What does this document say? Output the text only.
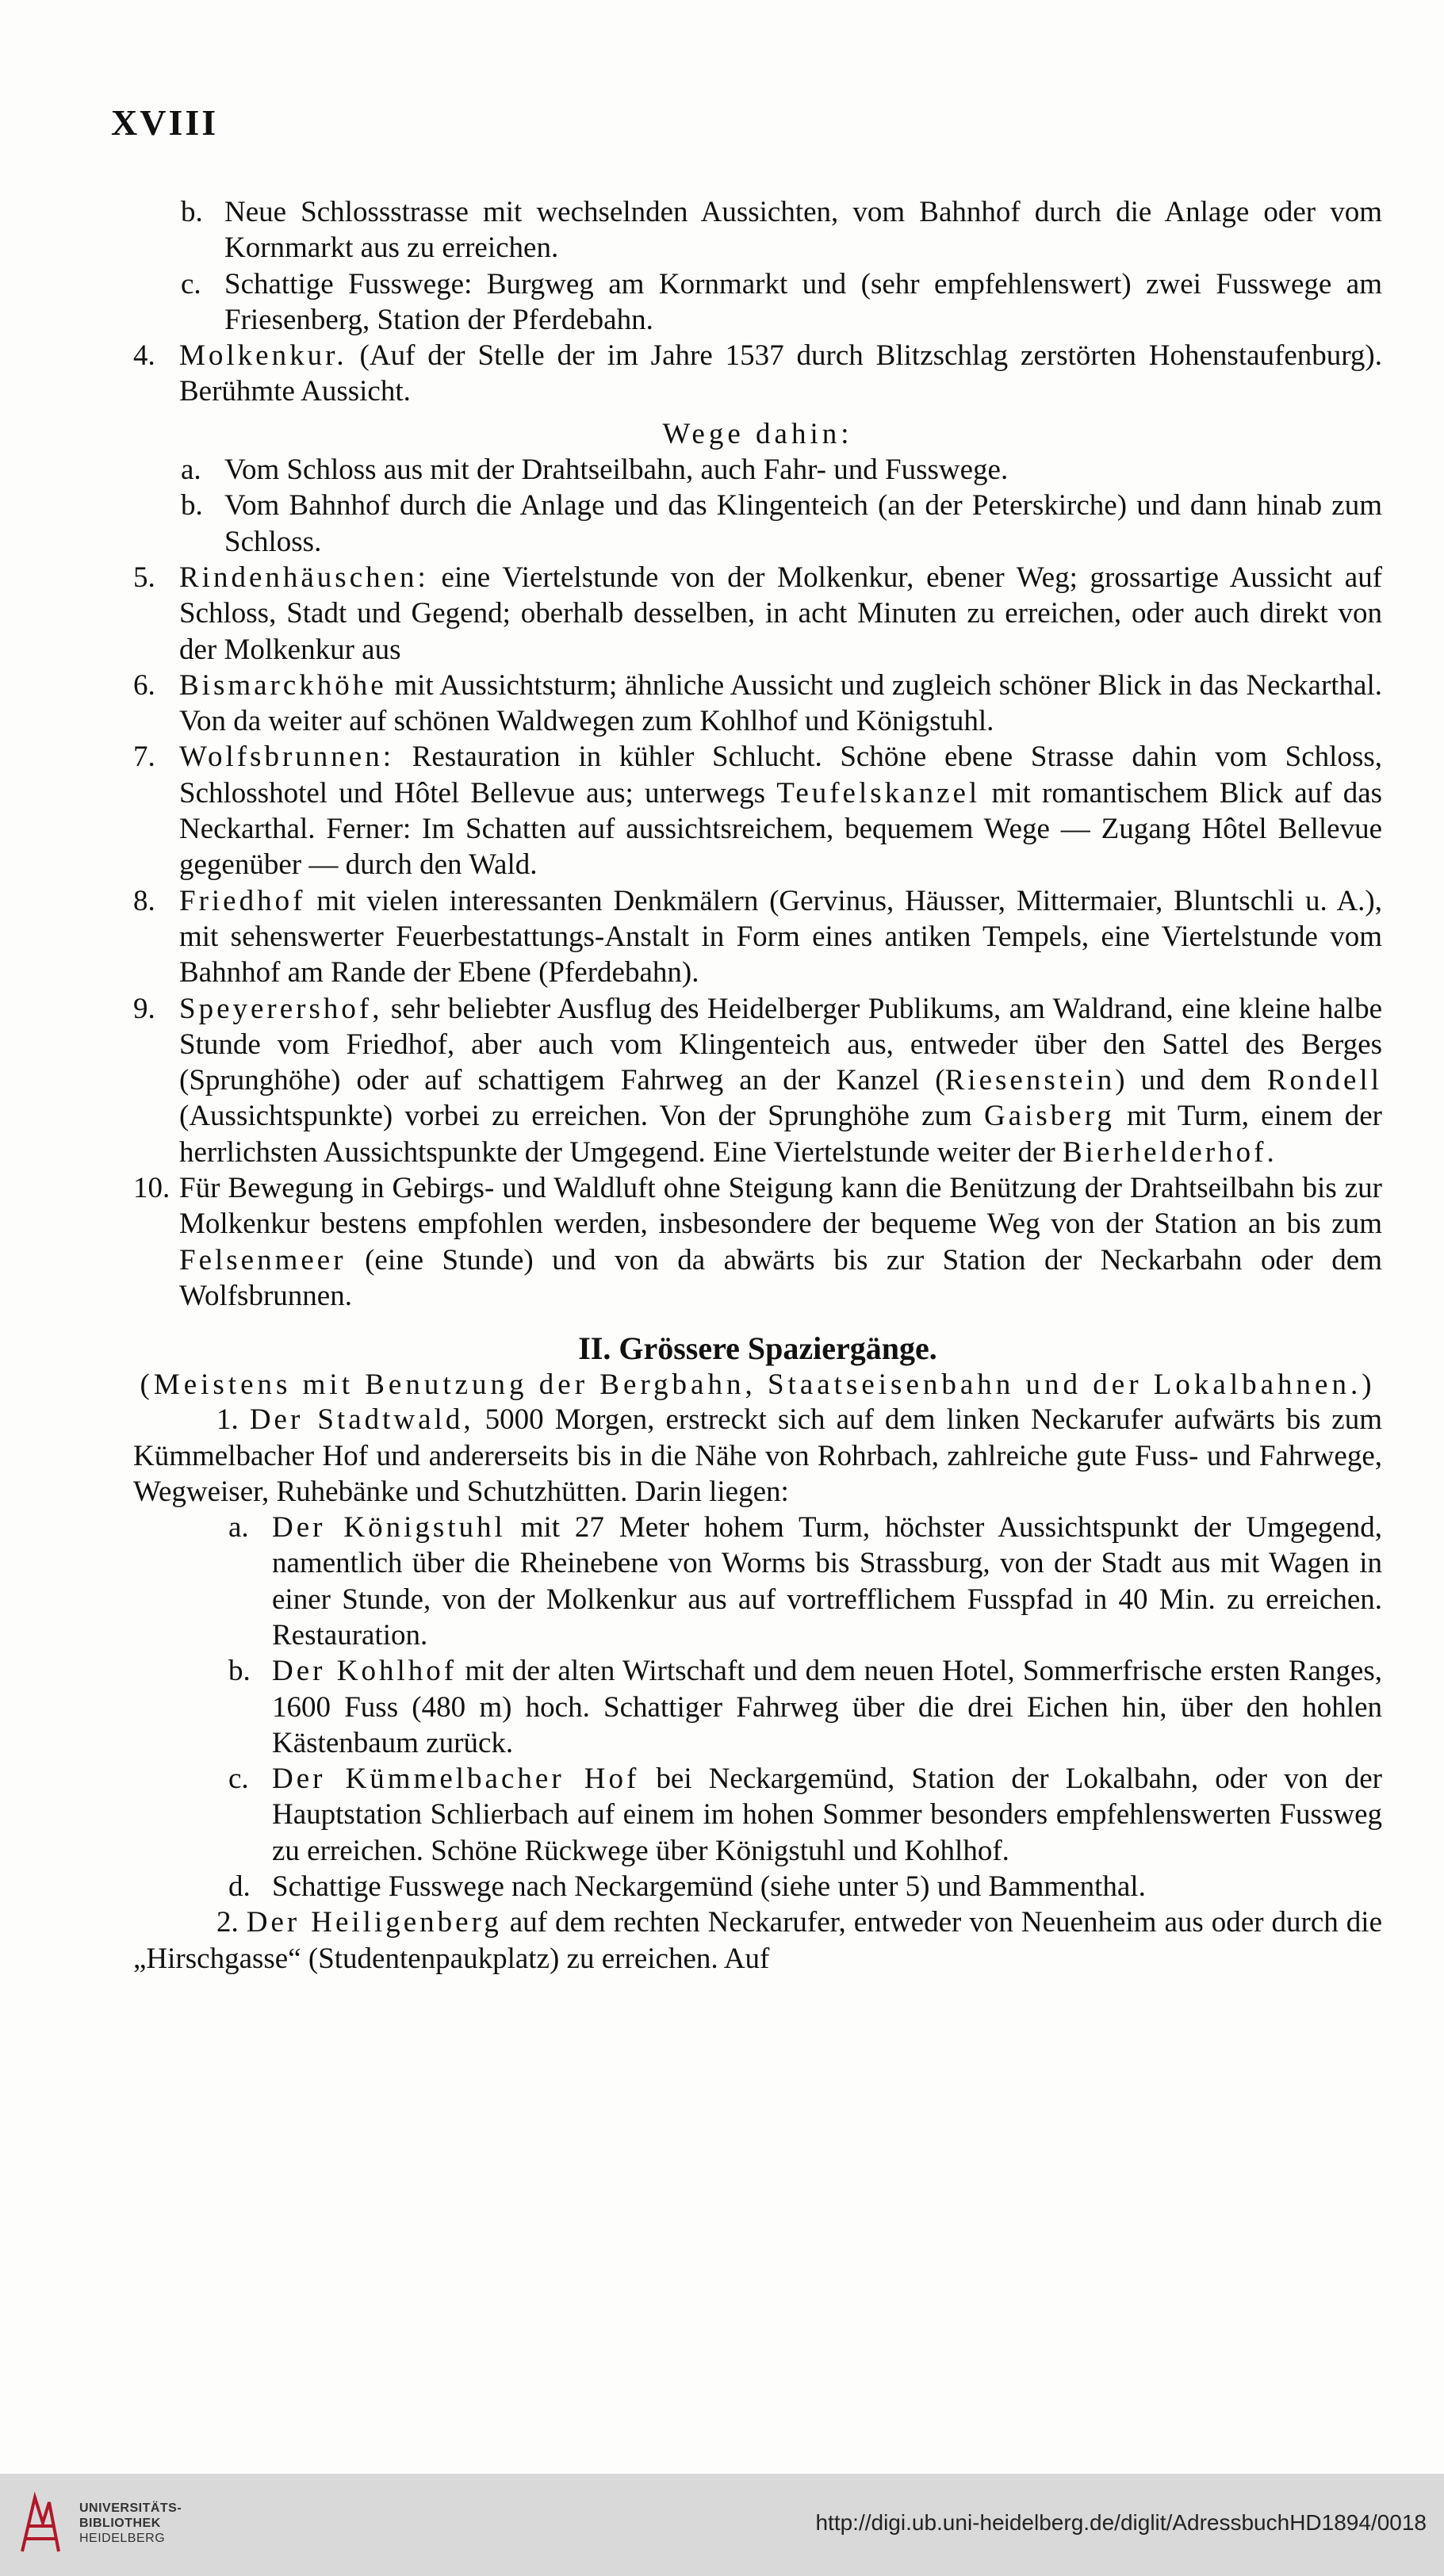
XVIII
b. Neue Schlossstrasse mit wechselnden Aussichten, vom Bahnhof durch die Anlage oder vom Kornmarkt aus zu erreichen.
c. Schattige Fusswege: Burgweg am Kornmarkt und (sehr empfehlenswert) zwei Fusswege am Friesenberg, Station der Pferdebahn.
4. Molkenkur. (Auf der Stelle der im Jahre 1537 durch Blitzschlag zerstörten Hohenstaufenburg). Berühmte Aussicht.
Wege dahin:
a. Vom Schloss aus mit der Drahtseilbahn, auch Fahr- und Fusswege.
b. Vom Bahnhof durch die Anlage und das Klingenteich (an der Peterskirche) und dann hinab zum Schloss.
5. Rindenhäuschen: eine Viertelstunde von der Molkenkur, ebener Weg; grossartige Aussicht auf Schloss, Stadt und Gegend; oberhalb desselben, in acht Minuten zu erreichen, oder auch direkt von der Molkenkur aus
6. Bismarckhöhe mit Aussichtsturm; ähnliche Aussicht und zugleich schöner Blick in das Neckarthal. Von da weiter auf schönen Waldwegen zum Kohlhof und Königstuhl.
7. Wolfsbrunnen: Restauration in kühler Schlucht. Schöne ebene Strasse dahin vom Schloss, Schlosshotel und Hôtel Bellevue aus; unterwegs Teufelskanzel mit romantischem Blick auf das Neckarthal. Ferner: Im Schatten auf aussichtsreichem, bequemem Wege — Zugang Hôtel Bellevue gegenüber — durch den Wald.
8. Friedhof mit vielen interessanten Denkmälern (Gervinus, Häusser, Mittermaier, Bluntschli u. A.), mit sehenswerter Feuerbestattungs-Anstalt in Form eines antiken Tempels, eine Viertelstunde vom Bahnhof am Rande der Ebene (Pferdebahn).
9. Speyerershof, sehr beliebter Ausflug des Heidelberger Publikums, am Waldrand, eine kleine halbe Stunde vom Friedhof, aber auch vom Klingenteich aus, entweder über den Sattel des Berges (Sprunghöhe) oder auf schattigem Fahrweg an der Kanzel (Riesenstein) und dem Rondell (Aussichtspunkte) vorbei zu erreichen. Von der Sprunghöhe zum Gaisberg mit Turm, einem der herrlichsten Aussichtspunkte der Umgegend. Eine Viertelstunde weiter der Bierhelderhof.
10. Für Bewegung in Gebirgs- und Waldluft ohne Steigung kann die Benützung der Drahtseilbahn bis zur Molkenkur bestens empfohlen werden, insbesondere der bequeme Weg von der Station an bis zum Felsenmeer (eine Stunde) und von da abwärts bis zur Station der Neckarbahn oder dem Wolfsbrunnen.
II. Grössere Spaziergänge.
(Meistens mit Benutzung der Bergbahn, Staatseisenbahn und der Lokalbahnen.)
1. Der Stadtwald, 5000 Morgen, erstreckt sich auf dem linken Neckarufer aufwärts bis zum Kümmelbacher Hof und andererseits bis in die Nähe von Rohrbach, zahlreiche gute Fuss- und Fahrwege, Wegweiser, Ruhebänke und Schutzhütten. Darin liegen:
a. Der Königstuhl mit 27 Meter hohem Turm, höchster Aussichtspunkt der Umgegend, namentlich über die Rheinebene von Worms bis Strassburg, von der Stadt aus mit Wagen in einer Stunde, von der Molkenkur aus auf vortrefflichem Fusspfad in 40 Min. zu erreichen. Restauration.
b. Der Kohlhof mit der alten Wirtschaft und dem neuen Hotel, Sommerfrische ersten Ranges, 1600 Fuss (480 m) hoch. Schattiger Fahrweg über die drei Eichen hin, über den hohlen Kästenbaum zurück.
c. Der Kümmelbacher Hof bei Neckargemünd, Station der Lokalbahn, oder von der Hauptstation Schlierbach auf einem im hohen Sommer besonders empfehlenswerten Fussweg zu erreichen. Schöne Rückwege über Königstuhl und Kohlhof.
d. Schattige Fusswege nach Neckargemünd (siehe unter 5) und Bammenthal.
2. Der Heiligenberg auf dem rechten Neckarufer, entweder von Neuenheim aus oder durch die „Hirschgasse“ (Studentenpaukplatz) zu erreichen. Auf
UNIVERSITÄTS-
BIBLIOTHEK
HEIDELBERG
http://digi.ub.uni-heidelberg.de/diglit/AdressbuchHD1894/0018
